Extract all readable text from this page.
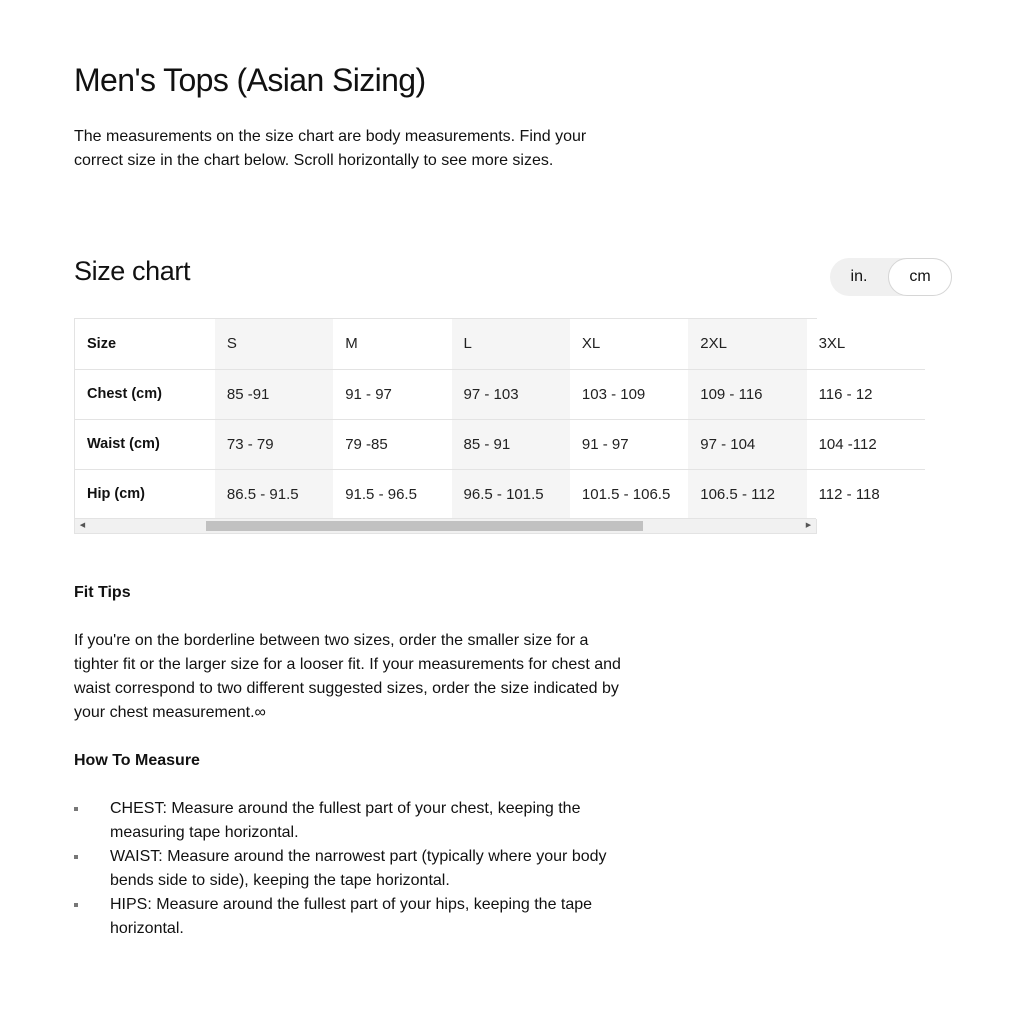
Men's Tops (Asian Sizing)

The measurements on the size chart are body measurements. Find your correct size in the chart below. Scroll horizontally to see more sizes.

Size chart	in.	cm
Size	S	M	L	XL	2XL	3XL
Chest (cm)	85 -91	91 - 97	97 - 103	103 - 109	109 - 116	116 - 12
Waist (cm)	73 - 79	79 -85	85 - 91	91 - 97	97 - 104	104 -112
Hip (cm)	86.5 - 91.5	91.5 - 96.5	96.5 - 101.5	101.5 - 106.5	106.5 - 112	112 - 118
◀	▶
Fit Tips

If you're on the borderline between two sizes, order the smaller size for a tighter fit or the larger size for a looser fit. If your measurements for chest and waist correspond to two different suggested sizes, order the size indicated by your chest measurement.∞

How To Measure
CHEST: Measure around the fullest part of your chest, keeping the measuring tape horizontal.
WAIST: Measure around the narrowest part (typically where your body bends side to side), keeping the tape horizontal.
HIPS: Measure around the fullest part of your hips, keeping the tape horizontal.
